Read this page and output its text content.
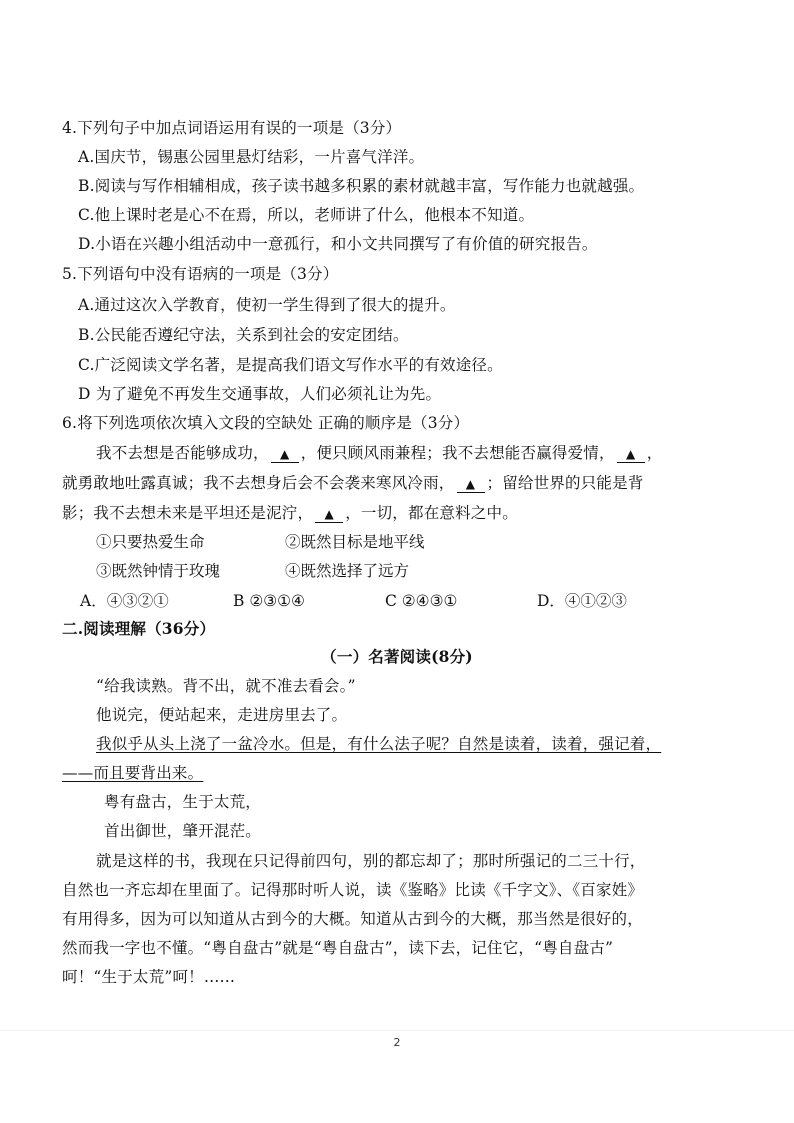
4.下列句子中加点词语运用有误的一项是（3分）
A.国庆节，锡惠公园里悬灯结彩，一片喜气洋洋。
B.阅读与写作相辅相成，孩子读书越多积累的素材就越丰富，写作能力也就越强。
C.他上课时老是心不在焉，所以，老师讲了什么，他根本不知道。
D.小语在兴趣小组活动中一意孤行，和小文共同撰写了有价值的研究报告。
5.下列语句中没有语病的一项是（3分）
A.通过这次入学教育，使初一学生得到了很大的提升。
B.公民能否遵纪守法，关系到社会的安定团结。
C.广泛阅读文学名著，是提高我们语文写作水平的有效途径。
D 为了避免不再发生交通事故，人们必须礼让为先。
6.将下列选项依次填入文段的空缺处 正确的顺序是（3分）
我不去想是否能够成功， ▲ ，便只顾风雨兼程；我不去想能否赢得爱情， ▲ ，
就勇敢地吐露真诚；我不去想身后会不会袭来寒风冷雨， ▲ ；留给世界的只能是背
影；我不去想未来是平坦还是泥泞， ▲ ，一切，都在意料之中。
①只要热爱生命	②既然目标是地平线
③既然钟情于玫瑰	④既然选择了远方
A．④③②①	B ②③①④	C ②④③①	D．④①②③
二.阅读理解（36分）
（一）名著阅读(8分)
“给我读熟。背不出，就不准去看会。”
他说完，便站起来，走进房里去了。
我似乎从头上浇了一盆冷水。但是，有什么法子呢？自然是读着，读着，强记着，
——而且要背出来。
粤有盘古，生于太荒，
首出御世，肇开混茫。
就是这样的书，我现在只记得前四句，别的都忘却了；那时所强记的二三十行，
自然也一齐忘却在里面了。记得那时听人说，读《鉴略》比读《千字文》、《百家姓》
有用得多，因为可以知道从古到今的大概。知道从古到今的大概，那当然是很好的，
然而我一字也不懂。“粤自盘古”就是“粤自盘古”，读下去，记住它，“粤自盘古”
呵！“生于太荒”呵！……
2
